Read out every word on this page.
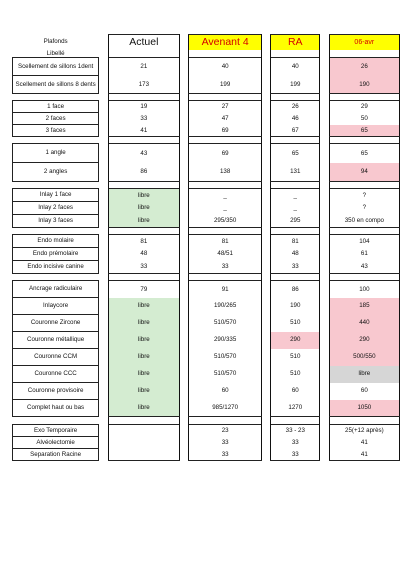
Plafonds		Actuel		Avenant 4		RA		06-avr
Libellé								
Scellement de sillons 1dent		21		40		40		26
Scellement de sillons 8 dents		173		199		199		190

1 face		19		27		26		29
2 faces		33		47		46		50
3 faces		41		69		67		65

1 angle		43		69		65		65
2 angles		86		138		131		94

Inlay 1 face		libre		_		_		?
Inlay 2 faces		libre		_		_		?
Inlay 3 faces		libre		295/350		295		350 en compo

Endo molaire		81		81		81		104
Endo prémolaire		48		48/51		48		61
Endo incisive canine		33		33		33		43

Ancrage radiculaire		79		91		86		100
Inlaycore		libre		190/265		190		185
Couronne Zircone		libre		510/570		510		440
Couronne métallique		libre		290/335		290		290
Couronne CCM		libre		510/570		510		500/550
Couronne CCC		libre		510/570		510		libre
Couronne provisoire		libre		60		60		60
Complet haut ou bas		libre		985/1270		1270		1050

Exo Temporaire				23		33 - 23		25(+12 après)
Alvéolectomie				33		33		41
Separation Racine				33		33		41
